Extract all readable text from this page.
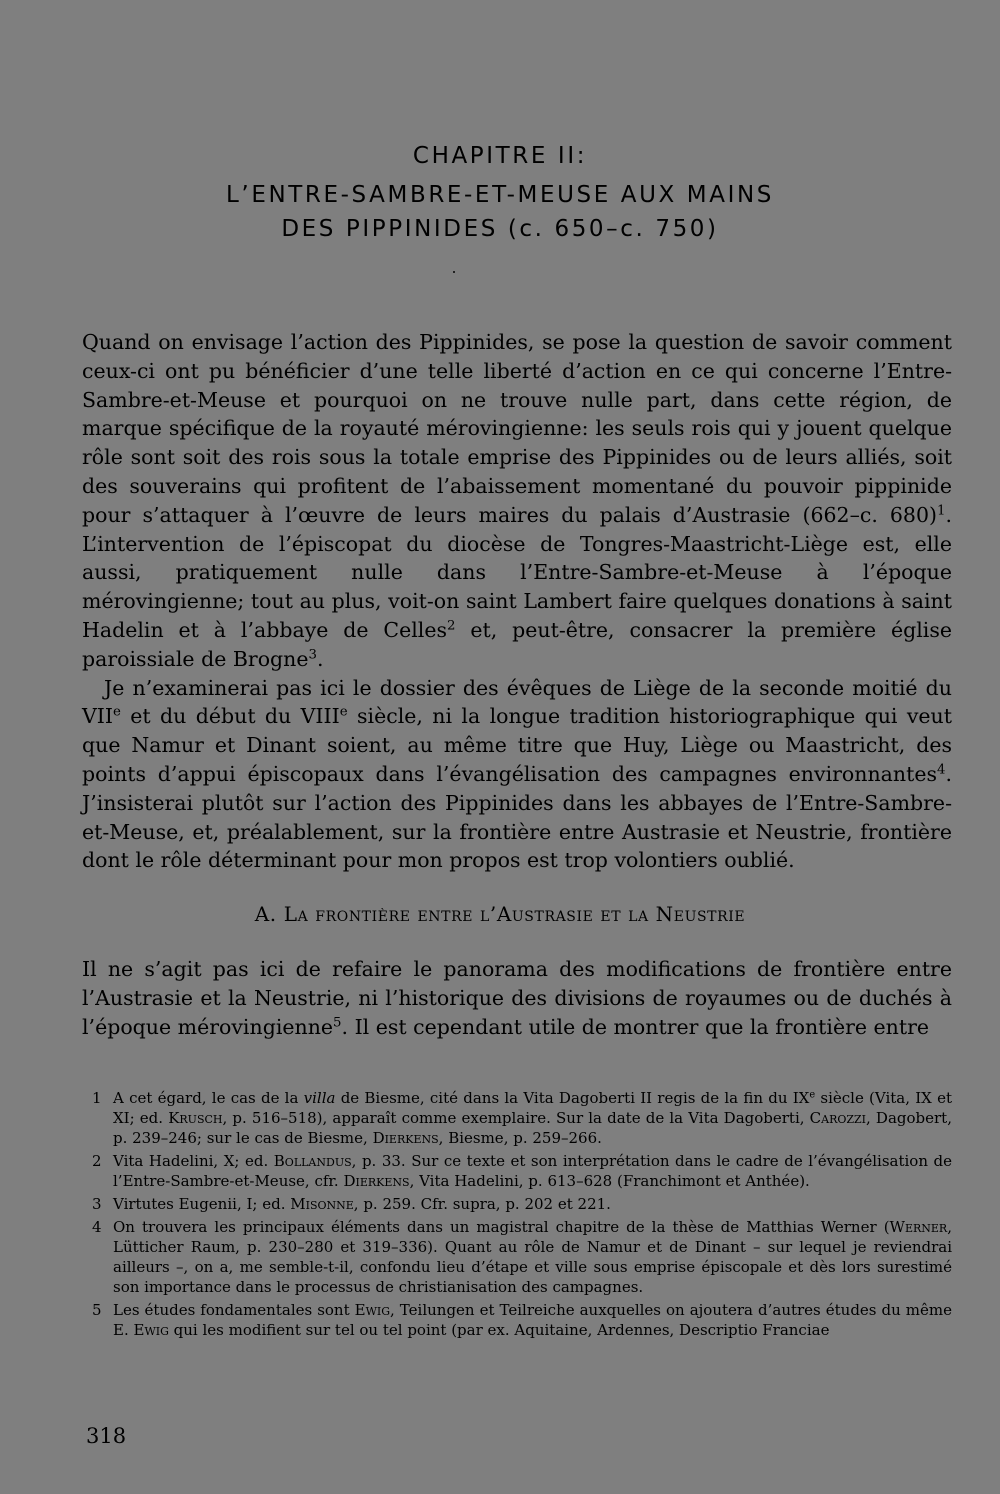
CHAPITRE II:
L’ENTRE-SAMBRE-ET-MEUSE AUX MAINS
DES PIPPINIDES (c. 650–c. 750)

Quand on envisage l’action des Pippinides, se pose la question de savoir comment ceux-ci ont pu bénéficier d’une telle liberté d’action en ce qui concerne l’Entre-Sambre-et-Meuse et pourquoi on ne trouve nulle part, dans cette région, de marque spécifique de la royauté mérovingienne: les seuls rois qui y jouent quelque rôle sont soit des rois sous la totale emprise des Pippinides ou de leurs alliés, soit des souverains qui profitent de l’abaissement momentané du pouvoir pippinide pour s’attaquer à l’œuvre de leurs maires du palais d’Austrasie (662–c. 680)$^1$. L’intervention de l’épiscopat du diocèse de Tongres-Maastricht-Liège est, elle aussi, pratiquement nulle dans l’Entre-Sambre-et-Meuse à l’époque mérovingienne; tout au plus, voit-on saint Lambert faire quelques donations à saint Hadelin et à l’abbaye de Celles$^2$ et, peut-être, consacrer la première église paroissiale de Brogne$^3$.

Je n’examinerai pas ici le dossier des évêques de Liège de la seconde moitié du VIIe et du début du VIIIe siècle, ni la longue tradition historiographique qui veut que Namur et Dinant soient, au même titre que Huy, Liège ou Maastricht, des points d’appui épiscopaux dans l’évangélisation des campagnes environnantes$^4$. J’insisterai plutôt sur l’action des Pippinides dans les abbayes de l’Entre-Sambre-et-Meuse, et, préalablement, sur la frontière entre Austrasie et Neustrie, frontière dont le rôle déterminant pour mon propos est trop volontiers oublié.

A. La frontière entre l’Austrasie et la Neustrie

Il ne s’agit pas ici de refaire le panorama des modifications de frontière entre l’Austrasie et la Neustrie, ni l’historique des divisions de royaumes ou de duchés à l’époque mérovingienne$^5$. Il est cependant utile de montrer que la frontière entre

1 A cet égard, le cas de la villa de Biesme, cité dans la Vita Dagoberti II regis de la fin du IXe siècle (Vita, IX et XI; ed. Krusch, p. 516–518), apparaît comme exemplaire. Sur la date de la Vita Dagoberti, Carozzi, Dagobert, p. 239–246; sur le cas de Biesme, Dierkens, Biesme, p. 259–266.
2 Vita Hadelini, X; ed. Bollandus, p. 33. Sur ce texte et son interprétation dans le cadre de l’évangélisation de l’Entre-Sambre-et-Meuse, cfr. Dierkens, Vita Hadelini, p. 613–628 (Franchimont et Anthée).
3 Virtutes Eugenii, I; ed. Misonne, p. 259. Cfr. supra, p. 202 et 221.
4 On trouvera les principaux éléments dans un magistral chapitre de la thèse de Matthias Werner (Werner, Lütticher Raum, p. 230–280 et 319–336). Quant au rôle de Namur et de Dinant – sur lequel je reviendrai ailleurs –, on a, me semble-t-il, confondu lieu d’étape et ville sous emprise épiscopale et dès lors surestimé son importance dans le processus de christianisation des campagnes.
5 Les études fondamentales sont Ewig, Teilungen et Teilreiche auxquelles on ajoutera d’autres études du même E. Ewig qui les modifient sur tel ou tel point (par ex. Aquitaine, Ardennes, Descriptio Franciae
318
